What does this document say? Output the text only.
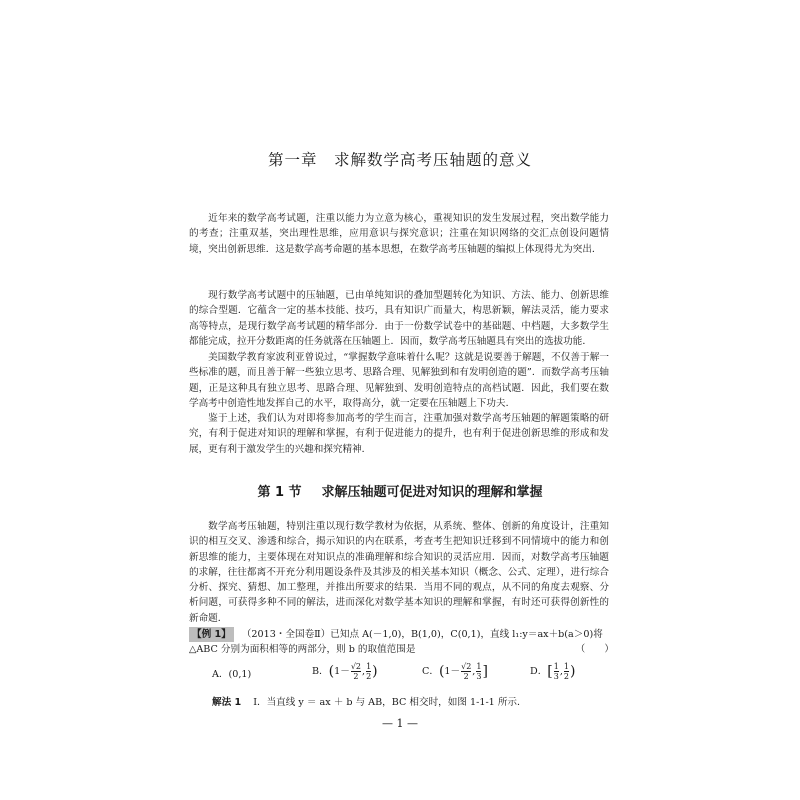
第一章　求解数学高考压轴题的意义

近年来的数学高考试题，注重以能力为立意为核心，重视知识的发生发展过程，突出数学能力的考查；注重双基，突出理性思维，应用意识与探究意识；注重在知识网络的交汇点创设问题情境，突出创新思维．这是数学高考命题的基本思想，在数学高考压轴题的编拟上体现得尤为突出．

现行数学高考试题中的压轴题，已由单纯知识的叠加型题转化为知识、方法、能力、创新思维的综合型题．它蕴含一定的基本技能、技巧，具有知识广而量大，构思新颖，解法灵活，能力要求高等特点，是现行数学高考试题的精华部分．由于一份数学试卷中的基础题、中档题，大多数学生都能完成，拉开分数距离的任务就落在压轴题上．因而，数学高考压轴题具有突出的选拔功能．

美国数学教育家波利亚曾说过，“掌握数学意味着什么呢？这就是说要善于解题，不仅善于解一些标准的题，而且善于解一些独立思考、思路合理、见解独到和有发明创造的题”．而数学高考压轴题，正是这种具有独立思考、思路合理、见解独到、发明创造特点的高档试题．因此，我们要在数学高考中创造性地发挥自己的水平，取得高分，就一定要在压轴题上下功夫．

鉴于上述，我们认为对即将参加高考的学生而言，注重加强对数学高考压轴题的解题策略的研究，有利于促进对知识的理解和掌握，有利于促进能力的提升，也有利于促进创新思维的形成和发展，更有利于激发学生的兴趣和探究精神．

第 1 节 求解压轴题可促进对知识的理解和掌握

数学高考压轴题，特别注重以现行数学教材为依据，从系统、整体、创新的角度设计，注重知识的相互交叉、渗透和综合，揭示知识的内在联系，考查考生把知识迁移到不同情境中的能力和创新思维的能力，主要体现在对知识点的准确理解和综合知识的灵活应用．因而，对数学高考压轴题的求解，往往都离不开充分利用题设条件及其涉及的相关基本知识（概念、公式、定理），进行综合分析、探究、猜想、加工整理，并推出所要求的结果．当用不同的观点，从不同的角度去观察、分析问题，可获得多种不同的解法，进而深化对数学基本知识的理解和掌握，有时还可获得创新性的新命题．

【例 1】 （2013・全国卷Ⅱ）已知点 A(－1,0)，B(1,0)，C(0,1)，直线 l₁:y＝ax＋b(a＞0)将
△ABC 分别为面积相等的两部分，则 b 的取值范围是	（　　）
A．(0,1)	B．($1- \frac{√2}{2}$ , $\frac{1}{2}$ )	C．($1- \frac{√2}{2}$ , $\frac{1}{3}$ ]	D．[ $\frac{1}{3}$ , $\frac{1}{2}$ )
解法 1 Ⅰ．当直线 y ＝ ax ＋ b 与 AB，BC 相交时，如图 1-1-1 所示．
— 1 —
